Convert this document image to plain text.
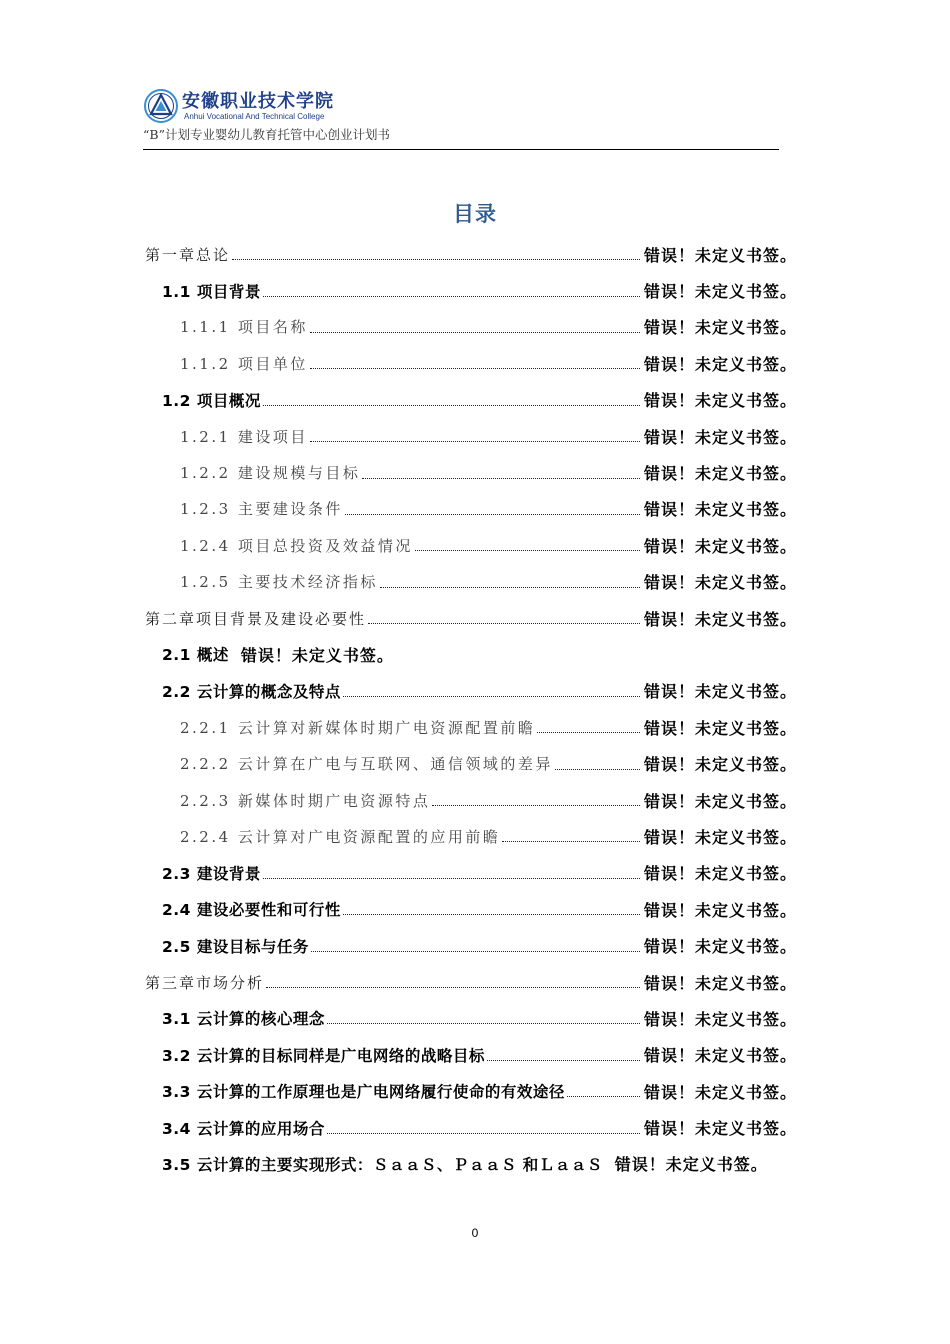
安徽职业技术学院
Anhui Vocational And Technical College
“B”计划专业婴幼儿教育托管中心创业计划书
目录
第一章总论	错误！未定义书签。
1.1 项目背景	错误！未定义书签。
1.1.1 项目名称	错误！未定义书签。
1.1.2 项目单位	错误！未定义书签。
1.2 项目概况	错误！未定义书签。
1.2.1 建设项目	错误！未定义书签。
1.2.2 建设规模与目标	错误！未定义书签。
1.2.3 主要建设条件	错误！未定义书签。
1.2.4 项目总投资及效益情况	错误！未定义书签。
1.2.5 主要技术经济指标	错误！未定义书签。
第二章项目背景及建设必要性	错误！未定义书签。
2.1 概述 错误！未定义书签。
2.2 云计算的概念及特点	错误！未定义书签。
2.2.1 云计算对新媒体时期广电资源配置前瞻	错误！未定义书签。
2.2.2 云计算在广电与互联网、通信领域的差异	错误！未定义书签。
2.2.3 新媒体时期广电资源特点	错误！未定义书签。
2.2.4 云计算对广电资源配置的应用前瞻	错误！未定义书签。
2.3 建设背景	错误！未定义书签。
2.4 建设必要性和可行性	错误！未定义书签。
2.5 建设目标与任务	错误！未定义书签。
第三章市场分析	错误！未定义书签。
3.1 云计算的核心理念	错误！未定义书签。
3.2 云计算的目标同样是广电网络的战略目标	错误！未定义书签。
3.3 云计算的工作原理也是广电网络履行使命的有效途径	错误！未定义书签。
3.4 云计算的应用场合	错误！未定义书签。
3.5 云计算的主要实现形式：ＳａａＳ、ＰａａＳ 和ＬａａＳ 错误！未定义书签。
0
